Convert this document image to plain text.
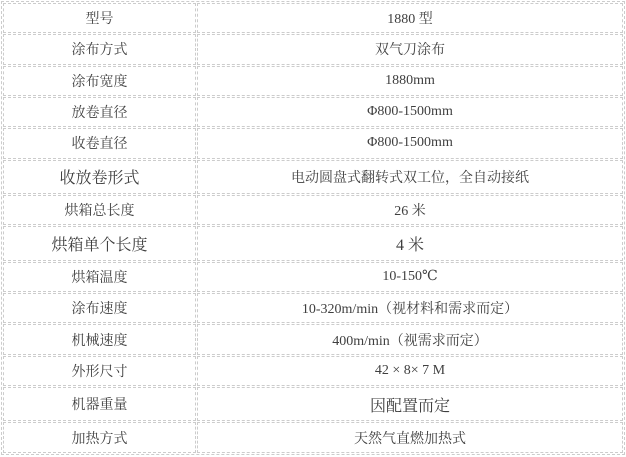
型号	1880 型
涂布方式	双气刀涂布
涂布宽度	1880mm
放卷直径	Φ800-1500mm
收卷直径	Φ800-1500mm
收放卷形式	电动圆盘式翻转式双工位，全自动接纸
烘箱总长度	26 米
烘箱单个长度	4 米
烘箱温度	10-150℃
涂布速度	10-320m/min（视材料和需求而定）
机械速度	400m/min（视需求而定）
外形尺寸	42 × 8× 7 M
机器重量	因配置而定
加热方式	天然气直燃加热式
